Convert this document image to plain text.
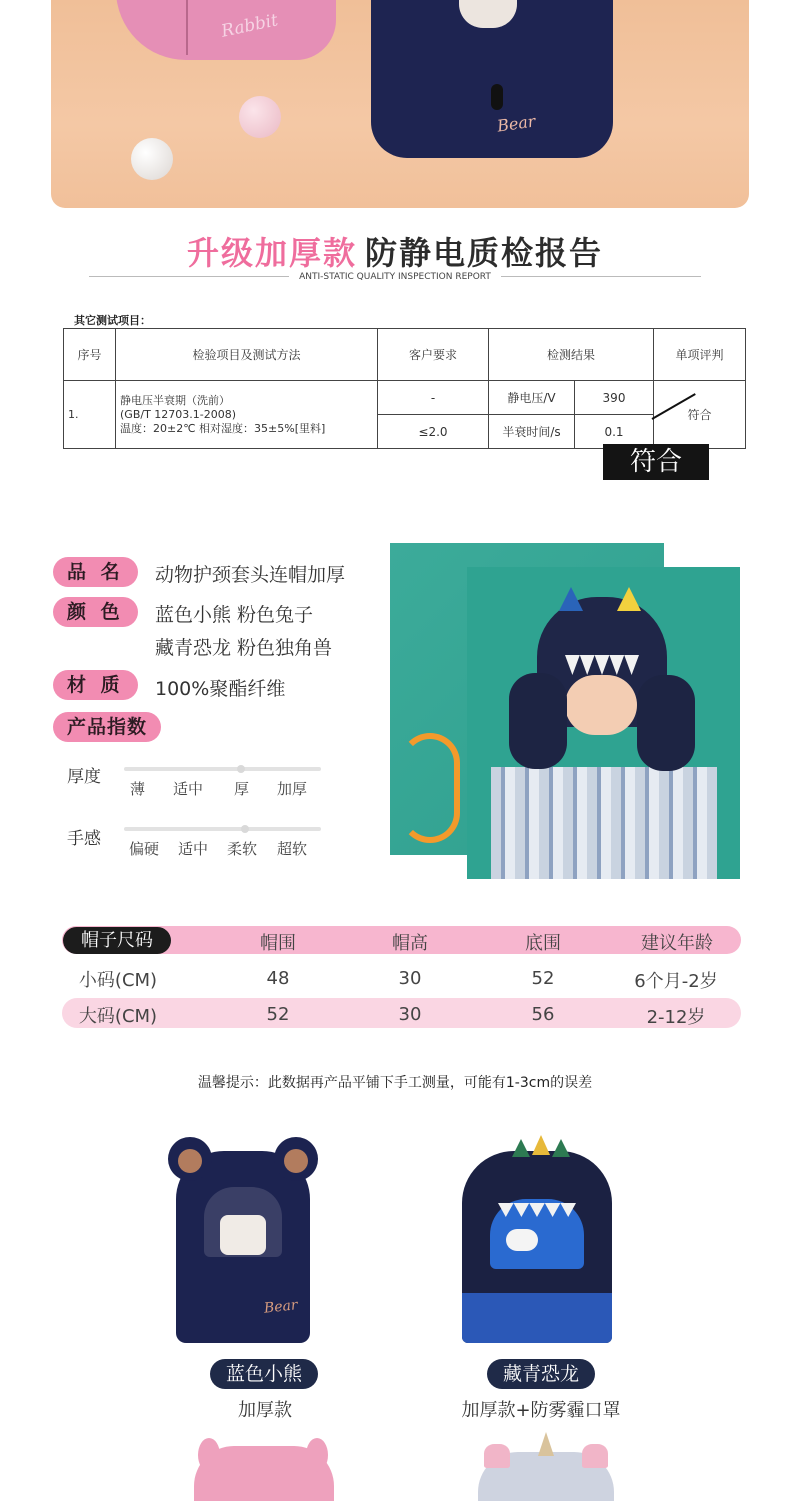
Rabbit
Bear
升级加厚款 防静电质检报告
ANTI-STATIC QUALITY INSPECTION REPORT
其它测试项目：
序号	检验项目及测试方法	客户要求	检测结果		单项评判
1.	静电压半衰期（洗前）
(GB/T 12703.1-2008)
温度：20±2℃ 相对湿度：35±5%[里料]	-	静电压/V	390	符合
		≤2.0	半衰时间/s	0.1	
符合
品 名	动物护颈套头连帽加厚
颜 色	蓝色小熊 粉色兔子
藏青恐龙 粉色独角兽
材 质	100%聚酯纤维
产品指数
厚度
薄 适中 厚 加厚
手感 偏硬 适中 柔软 超软
帽子尺码	帽围	帽高	底围	建议年龄
小码(CM)	48	30	52	6个月-2岁
大码(CM)	52	30	56	2-12岁
温馨提示：此数据再产品平铺下手工测量，可能有1-3cm的误差
Bear
蓝色小熊
加厚款
藏青恐龙
加厚款+防雾霾口罩
